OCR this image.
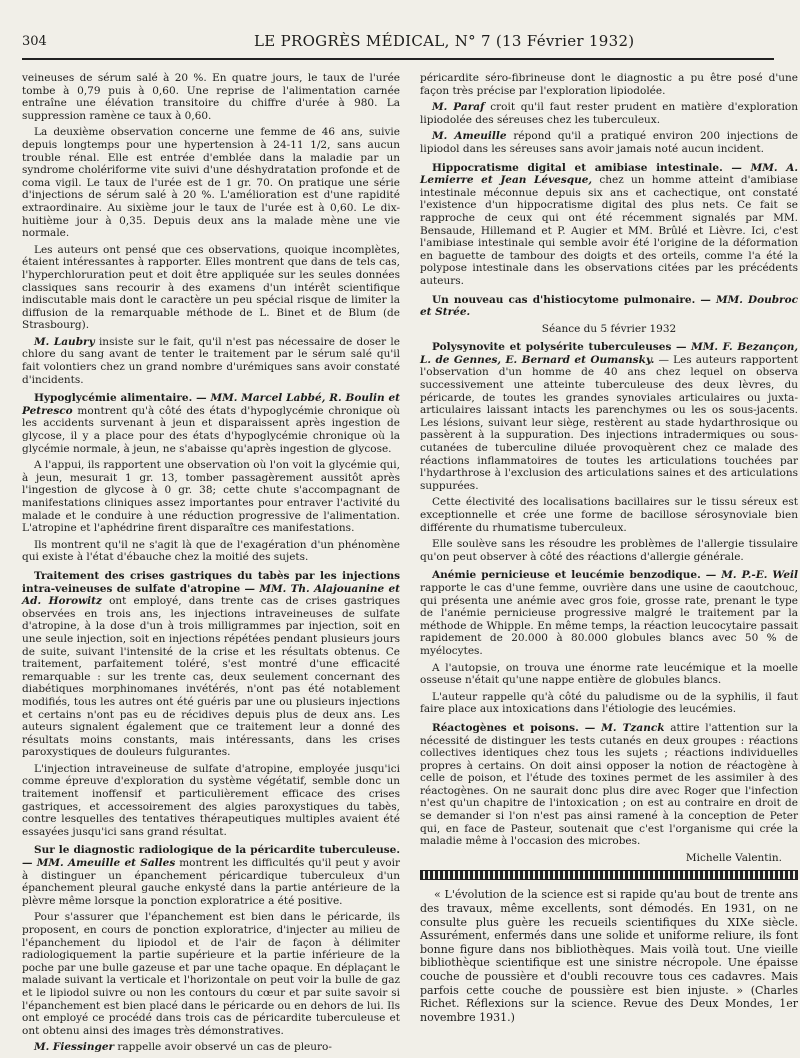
304	LE PROGRÈS MÉDICAL, N° 7 (13 Février 1932)

veineuses de sérum salé à 20 %. En quatre jours, le taux de l'urée tombe à 0,79 puis à 0,60. Une reprise de l'alimentation carnée entraîne une élévation transitoire du chiffre d'urée à 980. La suppression ramène ce taux à 0,60.

La deuxième observation concerne une femme de 46 ans, suivie depuis longtemps pour une hypertension à 24-11 1/2, sans aucun trouble rénal. Elle est entrée d'emblée dans la maladie par un syndrome cholériforme vite suivi d'une déshydratation profonde et de coma vigil. Le taux de l'urée est de 1 gr. 70. On pratique une série d'injections de sérum salé à 20 %. L'amélioration est d'une rapidité extraordinaire. Au sixième jour le taux de l'urée est à 0,60. Le dix-huitième jour à 0,35. Depuis deux ans la malade mène une vie normale.

Les auteurs ont pensé que ces observations, quoique incomplètes, étaient intéressantes à rapporter. Elles montrent que dans de tels cas, l'hyperchloruration peut et doit être appliquée sur les seules données classiques sans recourir à des examens d'un intérêt scientifique indiscutable mais dont le caractère un peu spécial risque de limiter la diffusion de la remarquable méthode de L. Binet et de Blum (de Strasbourg).

M. Laubry insiste sur le fait, qu'il n'est pas nécessaire de doser le chlore du sang avant de tenter le traitement par le sérum salé qu'il fait volontiers chez un grand nombre d'urémiques sans avoir constaté d'incidents.

Hypoglycémie alimentaire. — MM. Marcel Labbé, R. Boulin et Petresco montrent qu'à côté des états d'hypoglycémie chronique où les accidents survenant à jeun et disparaissent après ingestion de glycose, il y a place pour des états d'hypoglycémie chronique où la glycémie normale, à jeun, ne s'abaisse qu'après ingestion de glycose.

A l'appui, ils rapportent une observation où l'on voit la glycémie qui, à jeun, mesurait 1 gr. 13, tomber passagèrement aussitôt après l'ingestion de glycose à 0 gr. 38; cette chute s'accompagnant de manifestations cliniques assez importantes pour entraver l'activité du malade et le conduire à une réduction progressive de l'alimentation. L'atropine et l'aphédrine firent disparaître ces manifestations.

Ils montrent qu'il ne s'agit là que de l'exagération d'un phénomène qui existe à l'état d'ébauche chez la moitié des sujets.

Traitement des crises gastriques du tabès par les injections intra-veineuses de sulfate d'atropine — MM. Th. Alajouanine et Ad. Horowitz ont employé, dans trente cas de crises gastriques observées en trois ans, les injections intraveineuses de sulfate d'atropine, à la dose d'un à trois milligrammes par injection, soit en une seule injection, soit en injections répétées pendant plusieurs jours de suite, suivant l'intensité de la crise et les résultats obtenus. Ce traitement, parfaitement toléré, s'est montré d'une efficacité remarquable : sur les trente cas, deux seulement concernant des diabétiques morphinomanes invétérés, n'ont pas été notablement modifiés, tous les autres ont été guéris par une ou plusieurs injections et certains n'ont pas eu de récidives depuis plus de deux ans. Les auteurs signalent également que ce traitement leur a donné des résultats moins constants, mais intéressants, dans les crises paroxystiques de douleurs fulgurantes.

L'injection intraveineuse de sulfate d'atropine, employée jusqu'ici comme épreuve d'exploration du système végétatif, semble donc un traitement inoffensif et particulièrement efficace des crises gastriques, et accessoirement des algies paroxystiques du tabès, contre lesquelles des tentatives thérapeutiques multiples avaient été essayées jusqu'ici sans grand résultat.

Sur le diagnostic radiologique de la péricardite tuberculeuse. — MM. Ameuille et Salles montrent les difficultés qu'il peut y avoir à distinguer un épanchement péricardique tuberculeux d'un épanchement pleural gauche enkysté dans la partie antérieure de la plèvre même lorsque la ponction exploratrice a été positive.

Pour s'assurer que l'épanchement est bien dans le péricarde, ils proposent, en cours de ponction exploratrice, d'injecter au milieu de l'épanchement du lipiodol et de l'air de façon à délimiter radiologiquement la partie supérieure et la partie inférieure de la poche par une bulle gazeuse et par une tache opaque. En déplaçant le malade suivant la verticale et l'horizontale on peut voir la bulle de gaz et le lipiodol suivre ou non les contours du cœur et par suite savoir si l'épanchement est bien placé dans le péricarde ou en dehors de lui. Ils ont employé ce procédé dans trois cas de péricardite tuberculeuse et ont obtenu ainsi des images très démonstratives.

M. Fiessinger rappelle avoir observé un cas de pleuro-

péricardite séro-fibrineuse dont le diagnostic a pu être posé d'une façon très précise par l'exploration lipiodolée.

M. Paraf croit qu'il faut rester prudent en matière d'exploration lipiodolée des séreuses chez les tuberculeux.

M. Ameuille répond qu'il a pratiqué environ 200 injections de lipiodol dans les séreuses sans avoir jamais noté aucun incident.

Hippocratisme digital et amibiase intestinale. — MM. A. Lemierre et Jean Lévesque, chez un homme atteint d'amibiase intestinale méconnue depuis six ans et cachectique, ont constaté l'existence d'un hippocratisme digital des plus nets. Ce fait se rapproche de ceux qui ont été récemment signalés par MM. Bensaude, Hillemand et P. Augier et MM. Brûlé et Lièvre. Ici, c'est l'amibiase intestinale qui semble avoir été l'origine de la déformation en baguette de tambour des doigts et des orteils, comme l'a été la polypose intestinale dans les observations citées par les précédents auteurs.

Un nouveau cas d'histiocytome pulmonaire. — MM. Doubroc et Strée.

Séance du 5 février 1932

Polysynovite et polysérite tuberculeuses — MM. F. Bezançon, L. de Gennes, E. Bernard et Oumansky. — Les auteurs rapportent l'observation d'un homme de 40 ans chez lequel on observa successivement une atteinte tuberculeuse des deux lèvres, du péricarde, de toutes les grandes synoviales articulaires ou juxta-articulaires laissant intacts les parenchymes ou les os sous-jacents. Les lésions, suivant leur siège, restèrent au stade hydarthrosique ou passèrent à la suppuration. Des injections intradermiques ou sous-cutanées de tuberculine diluée provoquèrent chez ce malade des réactions inflammatoires de toutes les articulations touchées par l'hydarthrose à l'exclusion des articulations saines et des articulations suppurées.

Cette électivité des localisations bacillaires sur le tissu séreux est exceptionnelle et crée une forme de bacillose sérosynoviale bien différente du rhumatisme tuberculeux.

Elle soulève sans les résoudre les problèmes de l'allergie tissulaire qu'on peut observer à côté des réactions d'allergie générale.

Anémie pernicieuse et leucémie benzodique. — M. P.-E. Weil rapporte le cas d'une femme, ouvrière dans une usine de caoutchouc, qui présenta une anémie avec gros foie, grosse rate, prenant le type de l'anémie pernicieuse progressive malgré le traitement par la méthode de Whipple. En même temps, la réaction leucocytaire passait rapidement de 20.000 à 80.000 globules blancs avec 50 % de myélocytes.

A l'autopsie, on trouva une énorme rate leucémique et la moelle osseuse n'était qu'une nappe entière de globules blancs.

L'auteur rappelle qu'à côté du paludisme ou de la syphilis, il faut faire place aux intoxications dans l'étiologie des leucémies.

Réactogènes et poisons. — M. Tzanck attire l'attention sur la nécessité de distinguer les tests cutanés en deux groupes : réactions collectives identiques chez tous les sujets ; réactions individuelles propres à certains. On doit ainsi opposer la notion de réactogène à celle de poison, et l'étude des toxines permet de les assimiler à des réactogènes. On ne saurait donc plus dire avec Roger que l'infection n'est qu'un chapitre de l'intoxication ; on est au contraire en droit de se demander si l'on n'est pas ainsi ramené à la conception de Peter qui, en face de Pasteur, soutenait que c'est l'organisme qui crée la maladie même à l'occasion des microbes.

Michelle Valentin.

« L'évolution de la science est si rapide qu'au bout de trente ans des travaux, même excellents, sont démodés. En 1931, on ne consulte plus guère les recueils scientifiques du XIXe siècle. Assurément, enfermés dans une solide et uniforme reliure, ils font bonne figure dans nos bibliothèques. Mais voilà tout. Une vieille bibliothèque scientifique est une sinistre nécropole. Une épaisse couche de poussière et d'oubli recouvre tous ces cadavres. Mais parfois cette couche de poussière est bien injuste. » (Charles Richet. Réflexions sur la science. Revue des Deux Mondes, 1er novembre 1931.)
